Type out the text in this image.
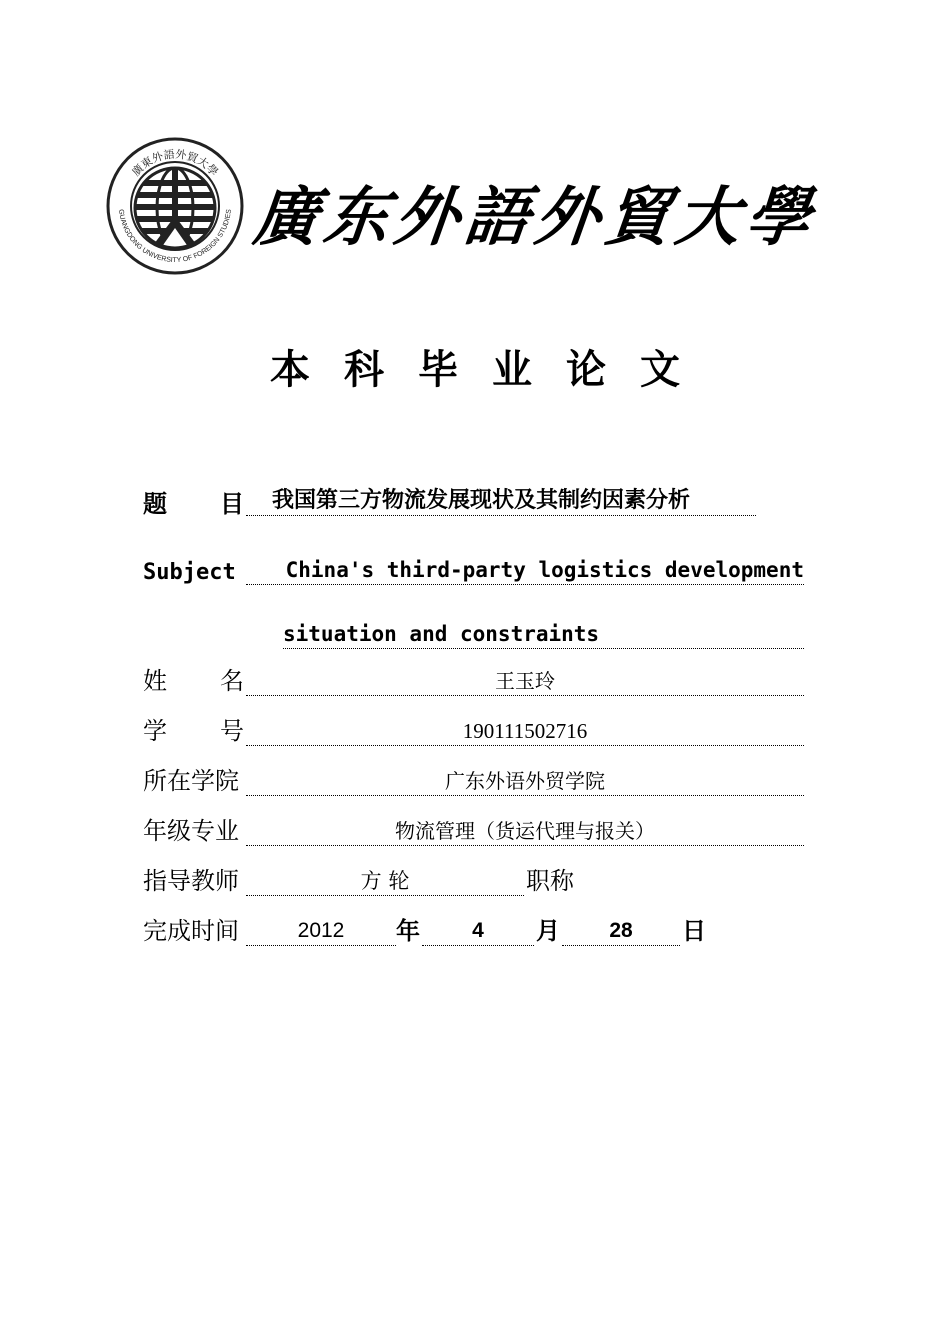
廣東外語外貿大學
GUANGDONG UNIVERSITY OF FOREIGN STUDIES 廣
东
外
語
外
貿
大
學
本科毕业论文
题 目	我国第三方物流发展现状及其制约因素分析
Subject	China's third-party logistics development
situation and constraints
姓 名	王玉玲
学 号	190111502716
所在学院	广东外语外贸学院
年级专业	物流管理（货运代理与报关）
指导教师	方 轮	职称
完成时间	2012	年	4	月	28	日
